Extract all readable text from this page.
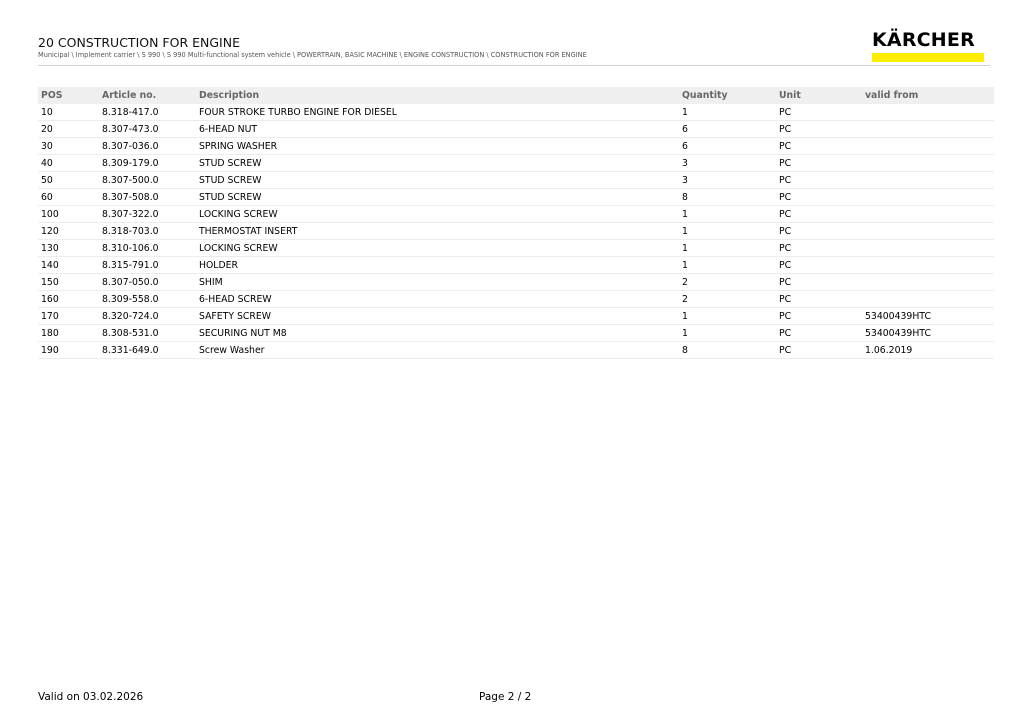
20 CONSTRUCTION FOR ENGINE
Municipal \ Implement carrier \ S 990 \ S 990 Multi-functional system vehicle \ POWERTRAIN, BASIC MACHINE \ ENGINE CONSTRUCTION \ CONSTRUCTION FOR ENGINE
KÄRCHER
POS	Article no.	Description	Quantity	Unit	valid from
10	8.318-417.0	FOUR STROKE TURBO ENGINE FOR DIESEL	1	PC	
20	8.307-473.0	6-HEAD NUT	6	PC	
30	8.307-036.0	SPRING WASHER	6	PC	
40	8.309-179.0	STUD SCREW	3	PC	
50	8.307-500.0	STUD SCREW	3	PC	
60	8.307-508.0	STUD SCREW	8	PC	
100	8.307-322.0	LOCKING SCREW	1	PC	
120	8.318-703.0	THERMOSTAT INSERT	1	PC	
130	8.310-106.0	LOCKING SCREW	1	PC	
140	8.315-791.0	HOLDER	1	PC	
150	8.307-050.0	SHIM	2	PC	
160	8.309-558.0	6-HEAD SCREW	2	PC	
170	8.320-724.0	SAFETY SCREW	1	PC	53400439HTC
180	8.308-531.0	SECURING NUT M8	1	PC	53400439HTC
190	8.331-649.0	Screw Washer	8	PC	1.06.2019
Valid on 03.02.2026	Page 2 / 2
